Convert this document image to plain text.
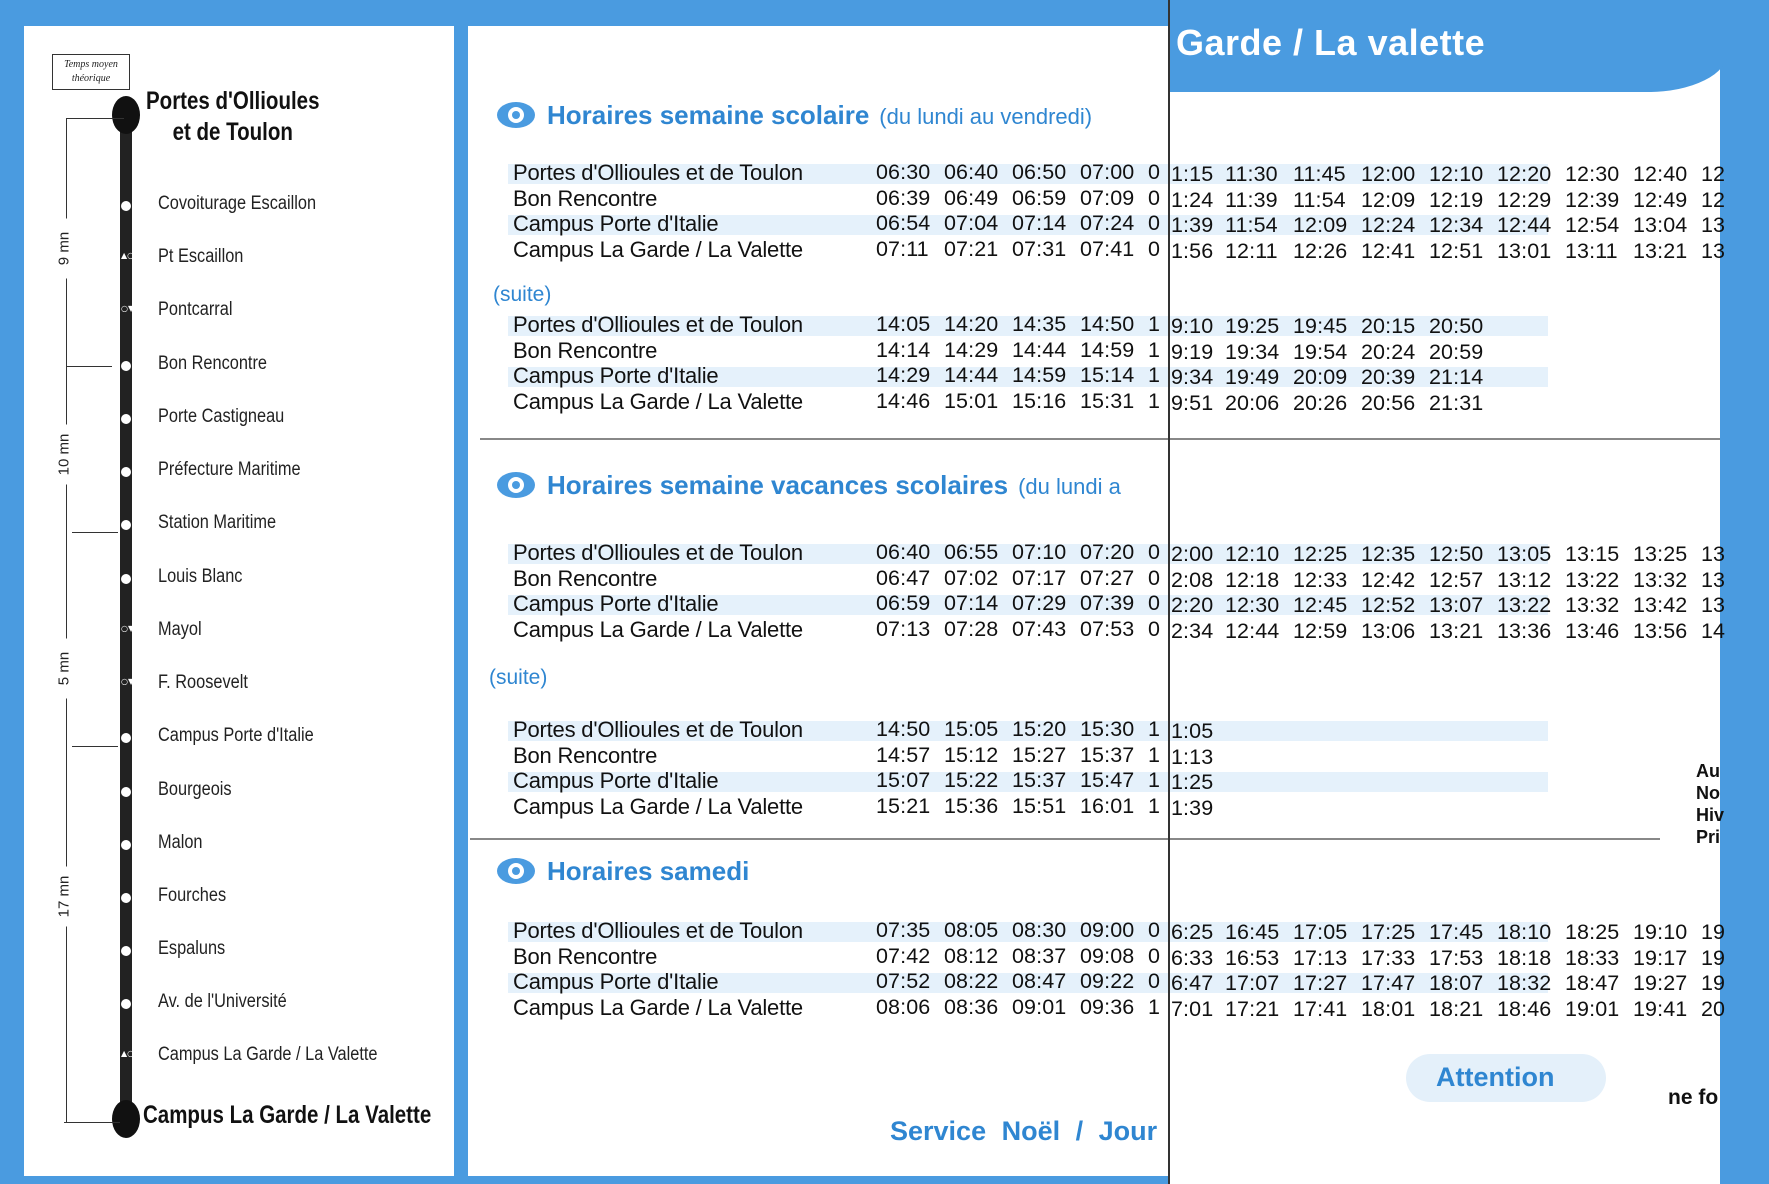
Temps moyen théorique
Portes d'Ollioules
et de Toulon
Covoiturage Escaillon
▲○ Pt Escaillon
○▼ Pontcarral
Bon Rencontre
Porte Castigneau
Préfecture Maritime
Station Maritime
Louis Blanc
○▼ Mayol
○▼ F. Roosevelt
Campus Porte d'Italie
Bourgeois
Malon
Fourches
Espaluns
Av. de l'Université
▲○ Campus La Garde / La Valette
Campus La Garde / La Valette
9 mn
10 mn
5 mn
17 mn
Garde / La valette
Horaires semaine scolaire (du lundi au vendredi)
(suite)
Horaires semaine vacances scolaires (du lundi a
(suite)
Horaires samedi
Portes d'Ollioules et de Toulon	06:30 06:40 06:50 07:00 0 1:15 11:30 11:45 12:00 12:10 12:20 12:30 12:40 12
Bon Rencontre	06:39 06:49 06:59 07:09 0 1:24 11:39 11:54 12:09 12:19 12:29 12:39 12:49 12
Campus Porte d'Italie	06:54 07:04 07:14 07:24 0 1:39 11:54 12:09 12:24 12:34 12:44 12:54 13:04 13
Campus La Garde / La Valette	07:11 07:21 07:31 07:41 0 1:56 12:11 12:26 12:41 12:51 13:01 13:11 13:21 13
Portes d'Ollioules et de Toulon	14:05 14:20 14:35 14:50 1 9:10 19:25 19:45 20:15 20:50
Bon Rencontre	14:14 14:29 14:44 14:59 1 9:19 19:34 19:54 20:24 20:59
Campus Porte d'Italie	14:29 14:44 14:59 15:14 1 9:34 19:49 20:09 20:39 21:14
Campus La Garde / La Valette	14:46 15:01 15:16 15:31 1 9:51 20:06 20:26 20:56 21:31
Portes d'Ollioules et de Toulon	06:40 06:55 07:10 07:20 0 2:00 12:10 12:25 12:35 12:50 13:05 13:15 13:25 13
Bon Rencontre	06:47 07:02 07:17 07:27 0 2:08 12:18 12:33 12:42 12:57 13:12 13:22 13:32 13
Campus Porte d'Italie	06:59 07:14 07:29 07:39 0 2:20 12:30 12:45 12:52 13:07 13:22 13:32 13:42 13
Campus La Garde / La Valette	07:13 07:28 07:43 07:53 0 2:34 12:44 12:59 13:06 13:21 13:36 13:46 13:56 14
Portes d'Ollioules et de Toulon	14:50 15:05 15:20 15:30 1 1:05
Bon Rencontre	14:57 15:12 15:27 15:37 1 1:13
Campus Porte d'Italie	15:07 15:22 15:37 15:47 1 1:25
Campus La Garde / La Valette	15:21 15:36 15:51 16:01 1 1:39
Portes d'Ollioules et de Toulon	07:35 08:05 08:30 09:00 0 6:25 16:45 17:05 17:25 17:45 18:10 18:25 19:10 19
Bon Rencontre	07:42 08:12 08:37 09:08 0 6:33 16:53 17:13 17:33 17:53 18:18 18:33 19:17 19
Campus Porte d'Italie	07:52 08:22 08:47 09:22 0 6:47 17:07 17:27 17:47 18:07 18:32 18:47 19:27 19
Campus La Garde / La Valette	08:06 08:36 09:01 09:36 1 7:01 17:21 17:41 18:01 18:21 18:46 19:01 19:41 20
Attention
Service Noël / Jour
ne fo
Au
No
Hiv
Pri
